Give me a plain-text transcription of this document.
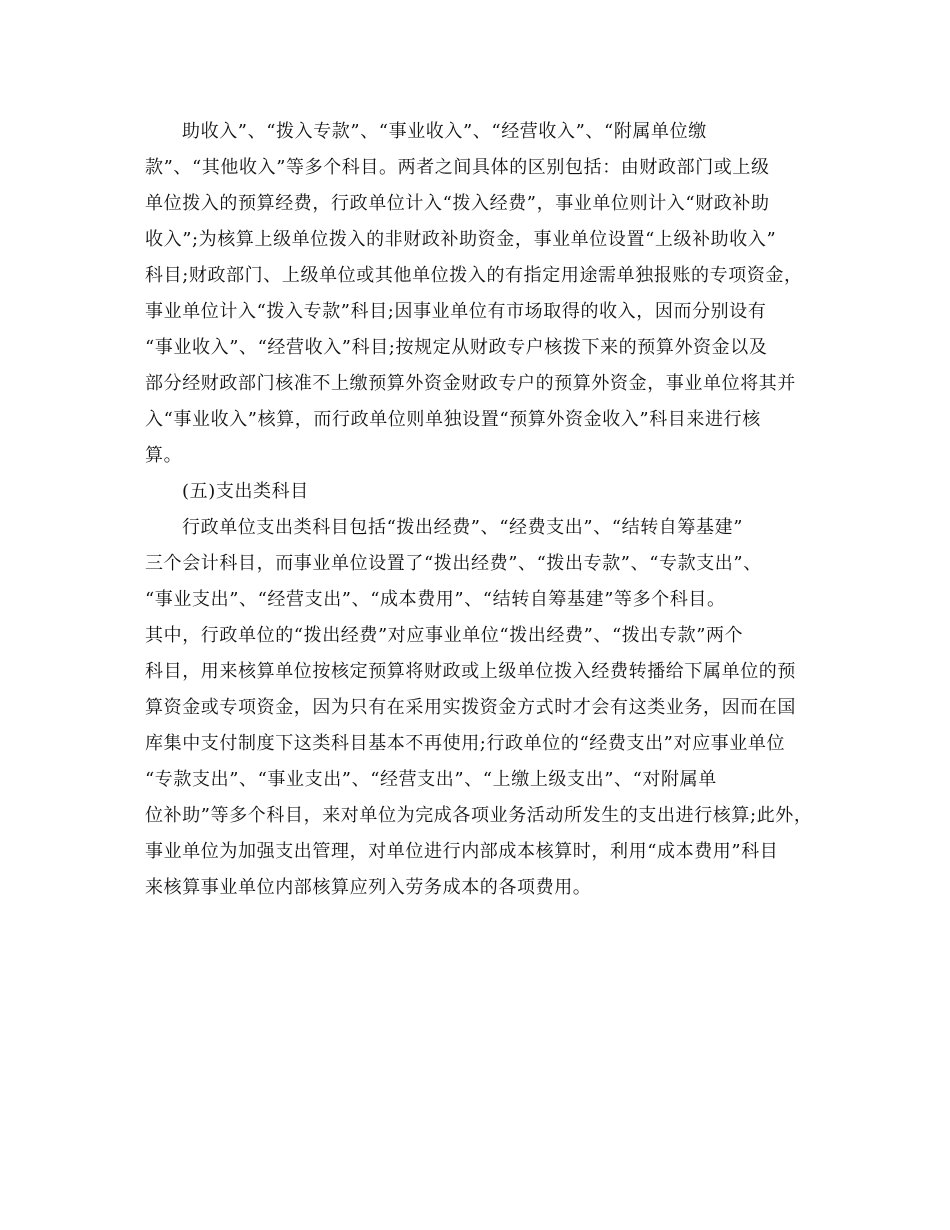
助收入”、“拨入专款”、“事业收入”、“经营收入”、“附属单位缴
款”、“其他收入”等多个科目。两者之间具体的区别包括：由财政部门或上级
单位拨入的预算经费，行政单位计入“拨入经费”，事业单位则计入“财政补助
收入”;为核算上级单位拨入的非财政补助资金，事业单位设置“上级补助收入”
科目;财政部门、上级单位或其他单位拨入的有指定用途需单独报账的专项资金，
事业单位计入“拨入专款”科目;因事业单位有市场取得的收入，因而分别设有
“事业收入”、“经营收入”科目;按规定从财政专户核拨下来的预算外资金以及
部分经财政部门核准不上缴预算外资金财政专户的预算外资金，事业单位将其并
入“事业收入”核算，而行政单位则单独设置“预算外资金收入”科目来进行核
算。
(五)支出类科目
行政单位支出类科目包括“拨出经费”、“经费支出”、“结转自筹基建”
三个会计科目，而事业单位设置了“拨出经费”、“拨出专款”、“专款支出”、
“事业支出”、“经营支出”、“成本费用”、“结转自筹基建”等多个科目。
其中，行政单位的“拨出经费”对应事业单位“拨出经费”、“拨出专款”两个
科目，用来核算单位按核定预算将财政或上级单位拨入经费转播给下属单位的预
算资金或专项资金，因为只有在采用实拨资金方式时才会有这类业务，因而在国
库集中支付制度下这类科目基本不再使用;行政单位的“经费支出”对应事业单位
“专款支出”、“事业支出”、“经营支出”、“上缴上级支出”、“对附属单
位补助”等多个科目，来对单位为完成各项业务活动所发生的支出进行核算;此外，
事业单位为加强支出管理，对单位进行内部成本核算时，利用“成本费用”科目
来核算事业单位内部核算应列入劳务成本的各项费用。
